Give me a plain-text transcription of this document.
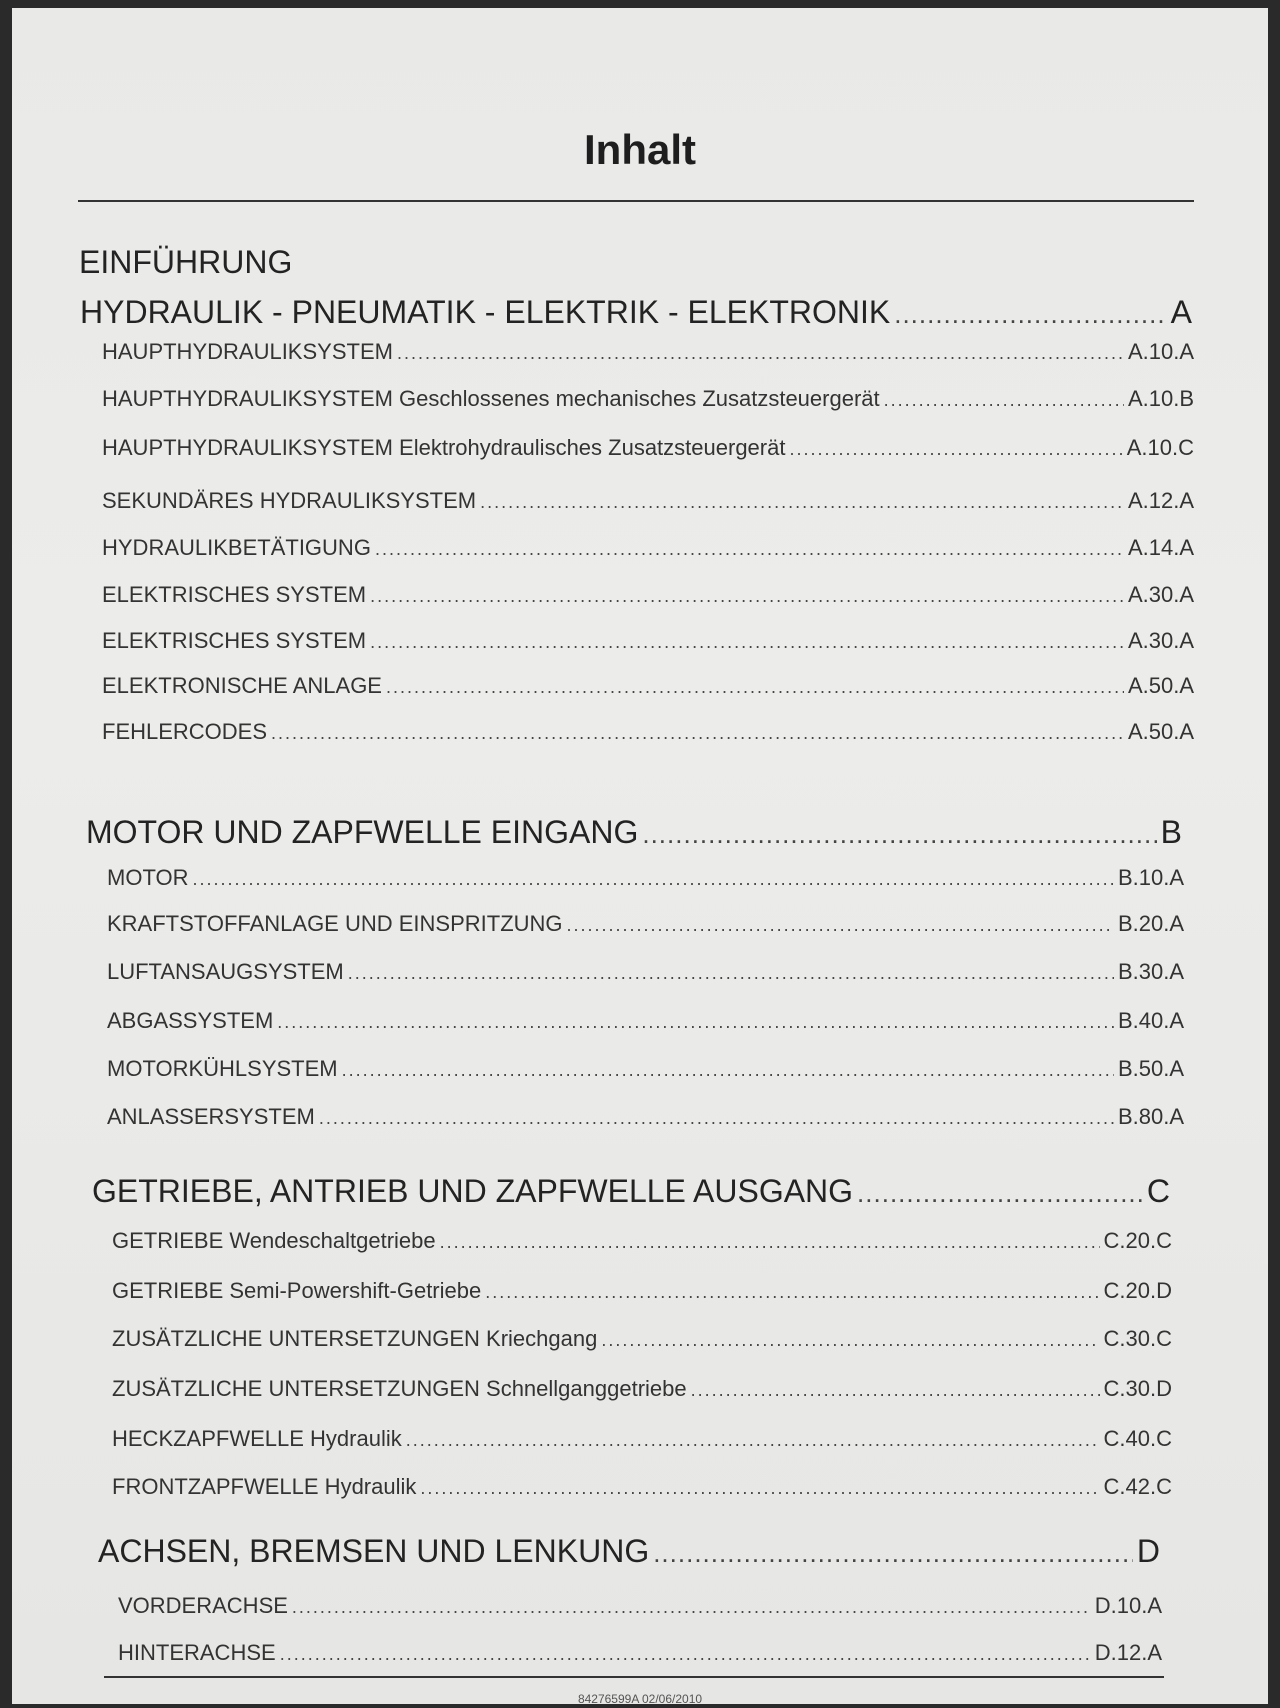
Inhalt
EINFÜHRUNG
HYDRAULIK - PNEUMATIK - ELEKTRIK - ELEKTRONIK .....	A
HAUPTHYDRAULIKSYSTEM .....	A.10.A
HAUPTHYDRAULIKSYSTEM Geschlossenes mechanisches Zusatzsteuergerät .....	A.10.B
HAUPTHYDRAULIKSYSTEM Elektrohydraulisches Zusatzsteuergerät .....	A.10.C
SEKUNDÄRES HYDRAULIKSYSTEM .....	A.12.A
HYDRAULIKBETÄTIGUNG .....	A.14.A
ELEKTRISCHES SYSTEM .....	A.30.A
ELEKTRISCHES SYSTEM .....	A.30.A
ELEKTRONISCHE ANLAGE .....	A.50.A
FEHLERCODES .....	A.50.A
MOTOR UND ZAPFWELLE EINGANG .....	B
MOTOR .....	B.10.A
KRAFTSTOFFANLAGE UND EINSPRITZUNG .....	B.20.A
LUFTANSAUGSYSTEM .....	B.30.A
ABGASSYSTEM .....	B.40.A
MOTORKÜHLSYSTEM .....	B.50.A
ANLASSERSYSTEM .....	B.80.A
GETRIEBE, ANTRIEB UND ZAPFWELLE AUSGANG .....	C
GETRIEBE Wendeschaltgetriebe .....	C.20.C
GETRIEBE Semi-Powershift-Getriebe .....	C.20.D
ZUSÄTZLICHE UNTERSETZUNGEN Kriechgang .....	C.30.C
ZUSÄTZLICHE UNTERSETZUNGEN Schnellganggetriebe .....	C.30.D
HECKZAPFWELLE Hydraulik .....	C.40.C
FRONTZAPFWELLE Hydraulik .....	C.42.C
ACHSEN, BREMSEN UND LENKUNG .....	D
VORDERACHSE .....	D.10.A
HINTERACHSE .....	D.12.A
84276599A 02/06/2010
